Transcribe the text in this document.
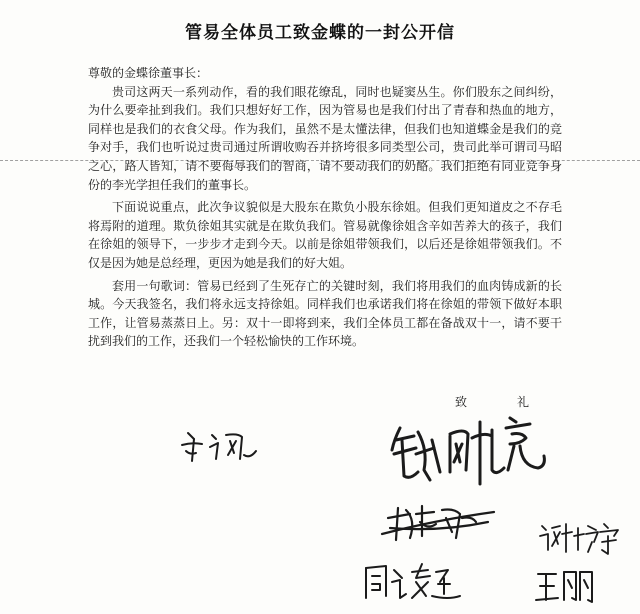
管易全体员工致金蝶的一封公开信

尊敬的金蝶徐董事长：

贵司这两天一系列动作，看的我们眼花缭乱，同时也疑窦丛生。你们股东之间纠纷，为什么要牵扯到我们。我们只想好好工作，因为管易也是我们付出了青春和热血的地方，同样也是我们的衣食父母。作为我们，虽然不是太懂法律，但我们也知道蝶金是我们的竞争对手，我们也听说过贵司通过所谓收购吞并挤垮很多同类型公司，贵司此举可谓司马昭之心，路人皆知，请不要侮辱我们的智商，请不要动我们的奶酪。我们拒绝有同业竞争身份的李光学担任我们的董事长。

下面说说重点，此次争议貌似是大股东在欺负小股东徐姐。但我们更知道皮之不存毛将焉附的道理。欺负徐姐其实就是在欺负我们。管易就像徐姐含辛如苦养大的孩子，我们在徐姐的领导下，一步步才走到今天。以前是徐姐带领我们，以后还是徐姐带领我们。不仅是因为她是总经理，更因为她是我们的好大姐。

套用一句歌词：管易已经到了生死存亡的关键时刻，我们将用我们的血肉铸成新的长城。今天我签名，我们将永远支持徐姐。同样我们也承诺我们将在徐姐的带领下做好本职工作，让管易蒸蒸日上。另：双十一即将到来，我们全体员工都在备战双十一，请不要干扰到我们的工作，还我们一个轻松愉快的工作环境。

致	礼
